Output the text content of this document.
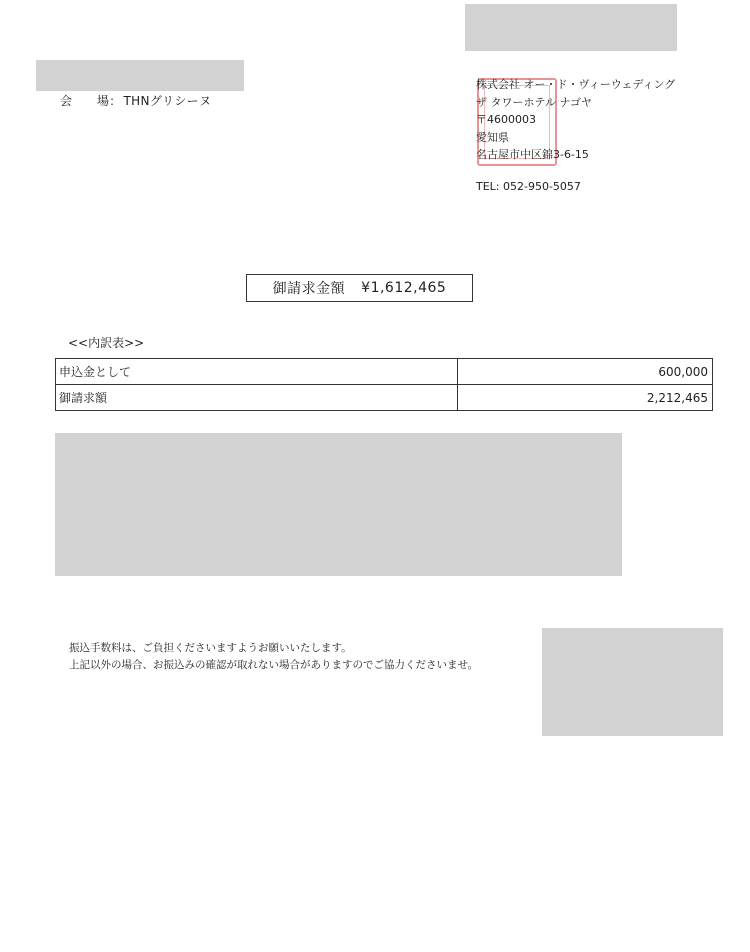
会　　場： THNグリシーヌ
株式会社 オー・ド・ヴィーウェディング
ザ タワーホテル ナゴヤ
〒4600003
愛知県
名古屋市中区錦3-6-15
TEL: 052-950-5057
御請求金額 ¥1,612,465
<<内訳表>>
申込金として	600,000
御請求額	2,212,465
振込手数料は、ご負担くださいますようお願いいたします。
上記以外の場合、お振込みの確認が取れない場合がありますのでご協力くださいませ。
